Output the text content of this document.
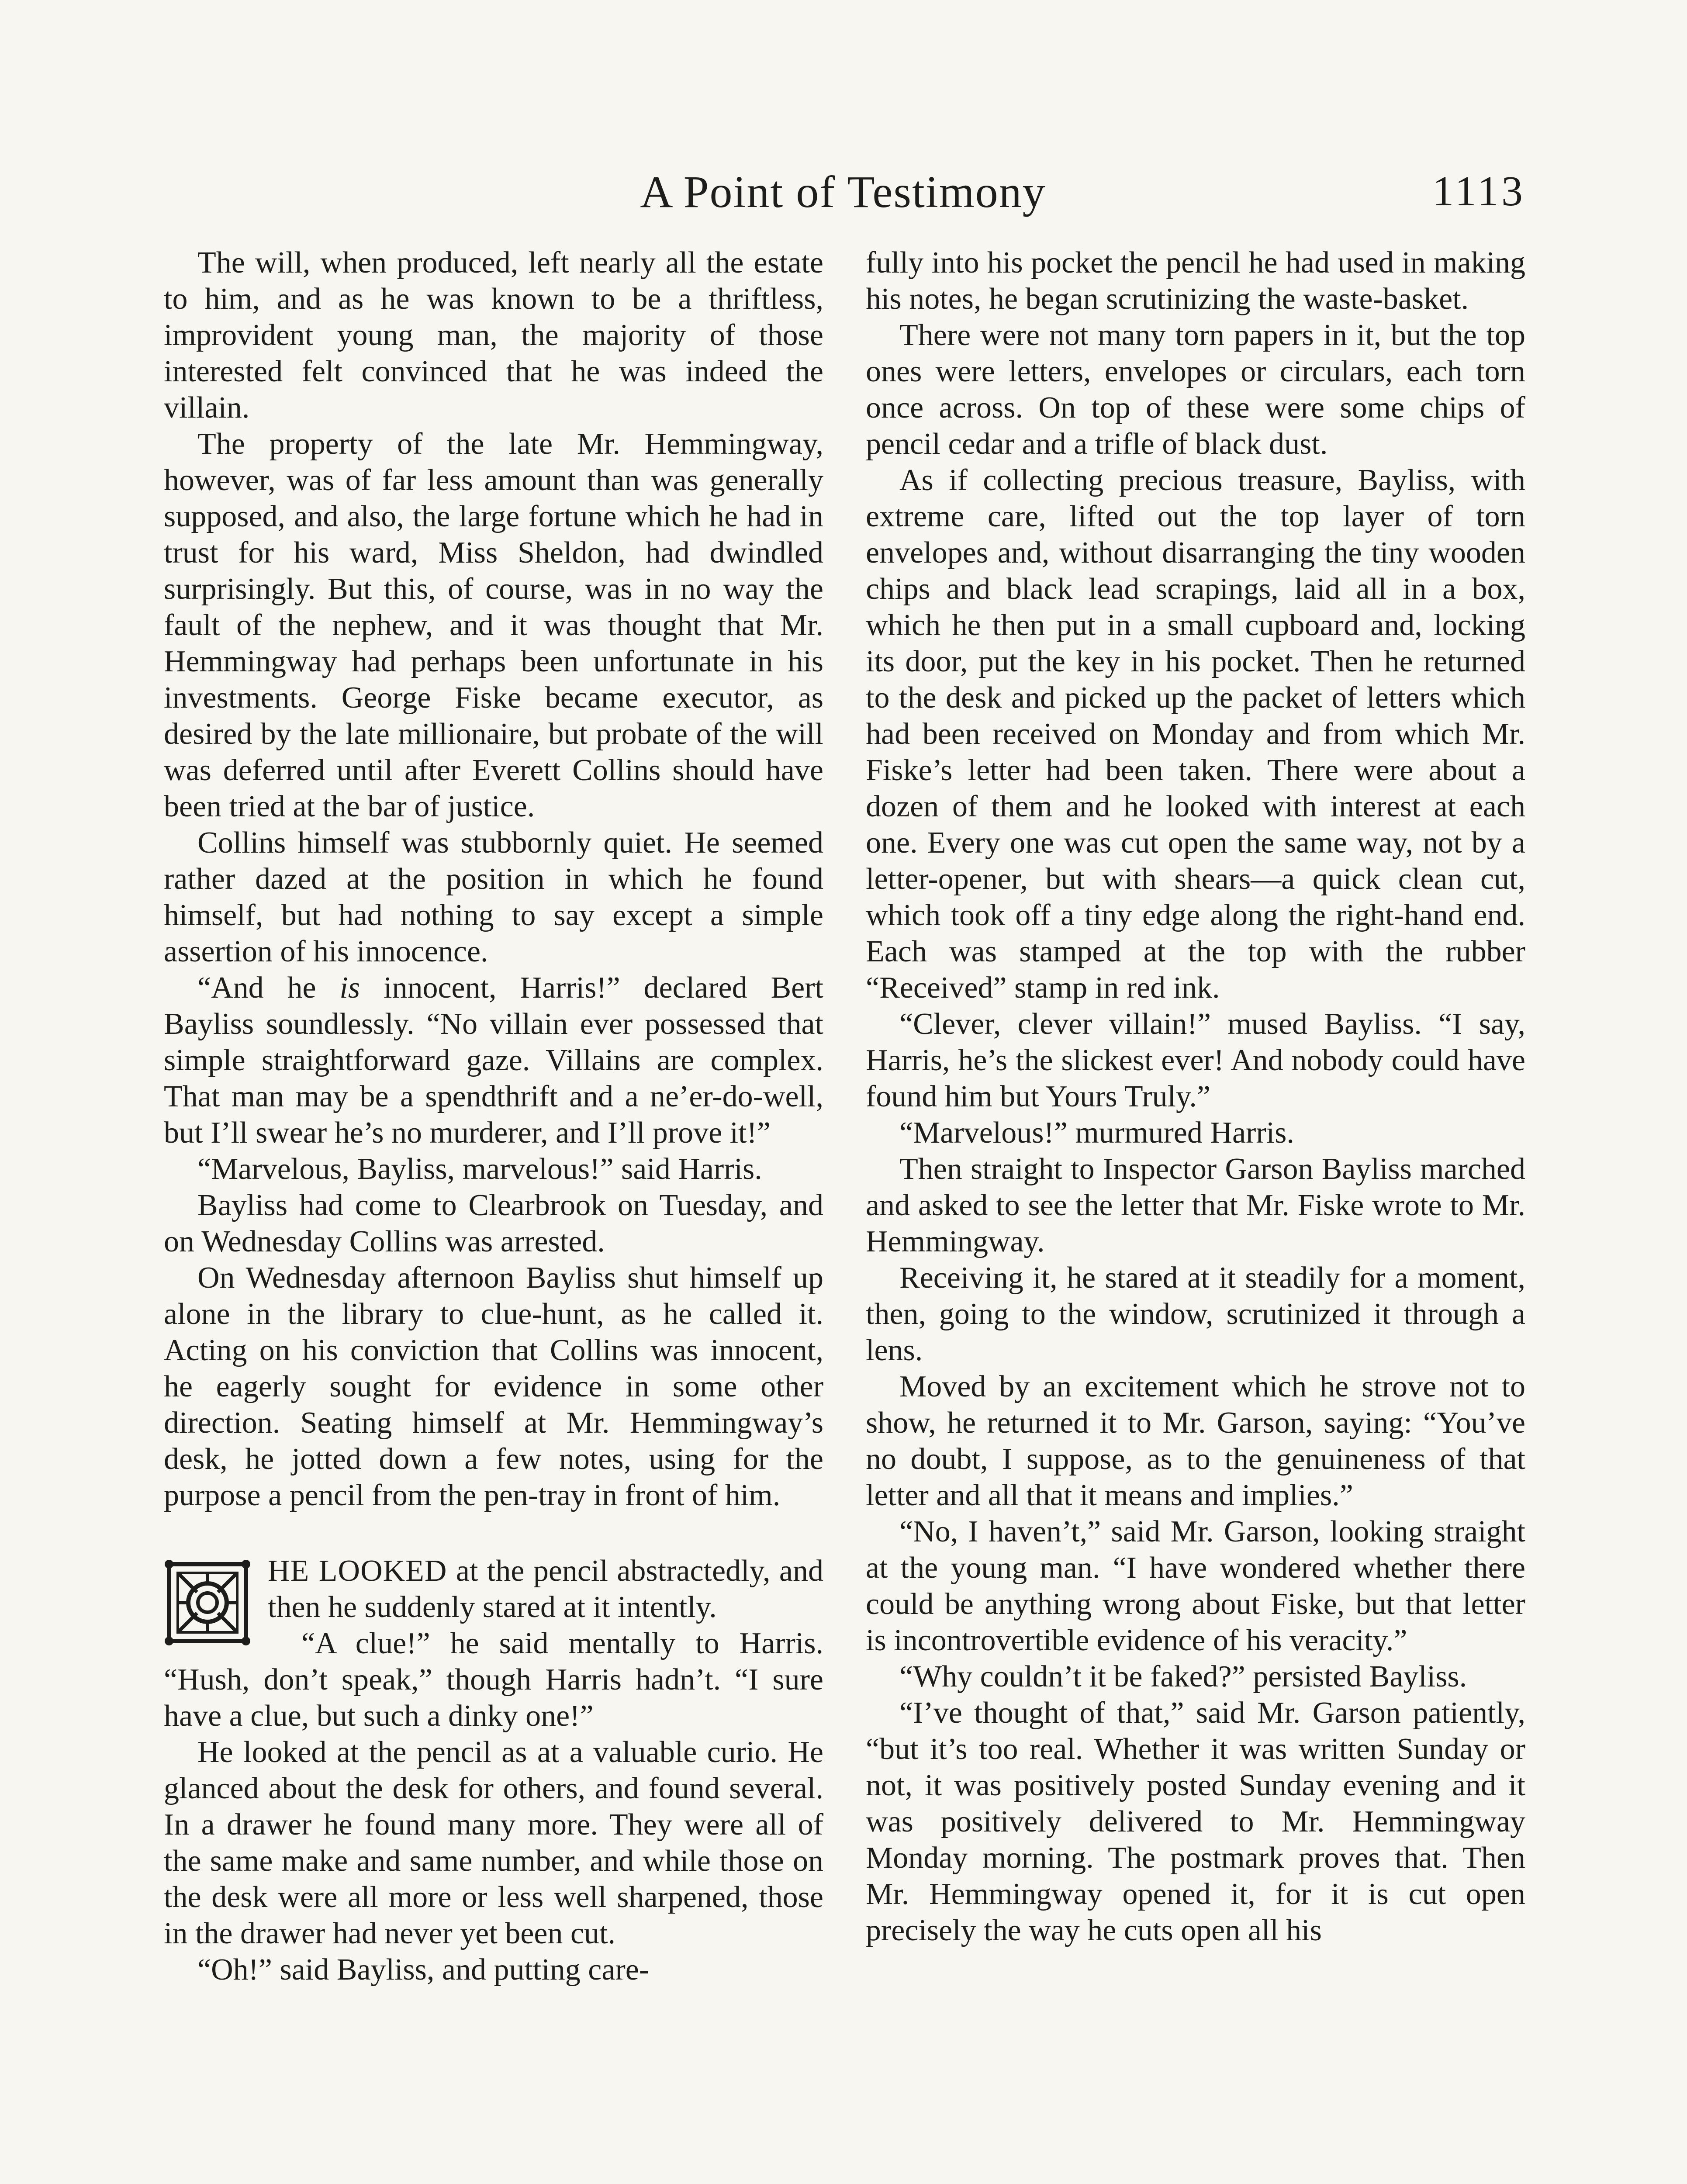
A Point of Testimony	1113

The will, when produced, left nearly all the estate to him, and as he was known to be a thriftless, improvident young man, the majority of those interested felt convinced that he was indeed the villain.

The property of the late Mr. Hemmingway, however, was of far less amount than was generally supposed, and also, the large fortune which he had in trust for his ward, Miss Sheldon, had dwindled surprisingly. But this, of course, was in no way the fault of the nephew, and it was thought that Mr. Hemmingway had perhaps been unfortunate in his investments. George Fiske became executor, as desired by the late millionaire, but probate of the will was deferred until after Everett Collins should have been tried at the bar of justice.

Collins himself was stubbornly quiet. He seemed rather dazed at the position in which he found himself, but had nothing to say except a simple assertion of his innocence.

“And he is innocent, Harris!” declared Bert Bayliss soundlessly. “No villain ever possessed that simple straightforward gaze. Villains are complex. That man may be a spendthrift and a ne’er-do-well, but I’ll swear he’s no murderer, and I’ll prove it!”

“Marvelous, Bayliss, marvelous!” said Harris.

Bayliss had come to Clearbrook on Tuesday, and on Wednesday Collins was arrested.

On Wednesday afternoon Bayliss shut himself up alone in the library to clue-hunt, as he called it. Acting on his conviction that Collins was innocent, he eagerly sought for evidence in some other direction. Seating himself at Mr. Hemmingway’s desk, he jotted down a few notes, using for the purpose a pencil from the pen-tray in front of him.

HE LOOKED at the pencil abstractedly, and then he suddenly stared at it intently.

“A clue!” he said mentally to Harris. “Hush, don’t speak,” though Harris hadn’t. “I sure have a clue, but such a dinky one!”

He looked at the pencil as at a valuable curio. He glanced about the desk for others, and found several. In a drawer he found many more. They were all of the same make and same number, and while those on the desk were all more or less well sharpened, those in the drawer had never yet been cut.

“Oh!” said Bayliss, and putting care-

fully into his pocket the pencil he had used in making his notes, he began scrutinizing the waste-basket.

There were not many torn papers in it, but the top ones were letters, envelopes or circulars, each torn once across. On top of these were some chips of pencil cedar and a trifle of black dust.

As if collecting precious treasure, Bayliss, with extreme care, lifted out the top layer of torn envelopes and, without disarranging the tiny wooden chips and black lead scrapings, laid all in a box, which he then put in a small cupboard and, locking its door, put the key in his pocket. Then he returned to the desk and picked up the packet of letters which had been received on Monday and from which Mr. Fiske’s letter had been taken. There were about a dozen of them and he looked with interest at each one. Every one was cut open the same way, not by a letter-opener, but with shears—a quick clean cut, which took off a tiny edge along the right-hand end. Each was stamped at the top with the rubber “Received” stamp in red ink.

“Clever, clever villain!” mused Bayliss. “I say, Harris, he’s the slickest ever! And nobody could have found him but Yours Truly.”

“Marvelous!” murmured Harris.

Then straight to Inspector Garson Bayliss marched and asked to see the letter that Mr. Fiske wrote to Mr. Hemmingway.

Receiving it, he stared at it steadily for a moment, then, going to the window, scrutinized it through a lens.

Moved by an excitement which he strove not to show, he returned it to Mr. Garson, saying: “You’ve no doubt, I suppose, as to the genuineness of that letter and all that it means and implies.”

“No, I haven’t,” said Mr. Garson, looking straight at the young man. “I have wondered whether there could be anything wrong about Fiske, but that letter is incontrovertible evidence of his veracity.”

“Why couldn’t it be faked?” persisted Bayliss.

“I’ve thought of that,” said Mr. Garson patiently, “but it’s too real. Whether it was written Sunday or not, it was positively posted Sunday evening and it was positively delivered to Mr. Hemmingway Monday morning. The postmark proves that. Then Mr. Hemmingway opened it, for it is cut open precisely the way he cuts open all his
